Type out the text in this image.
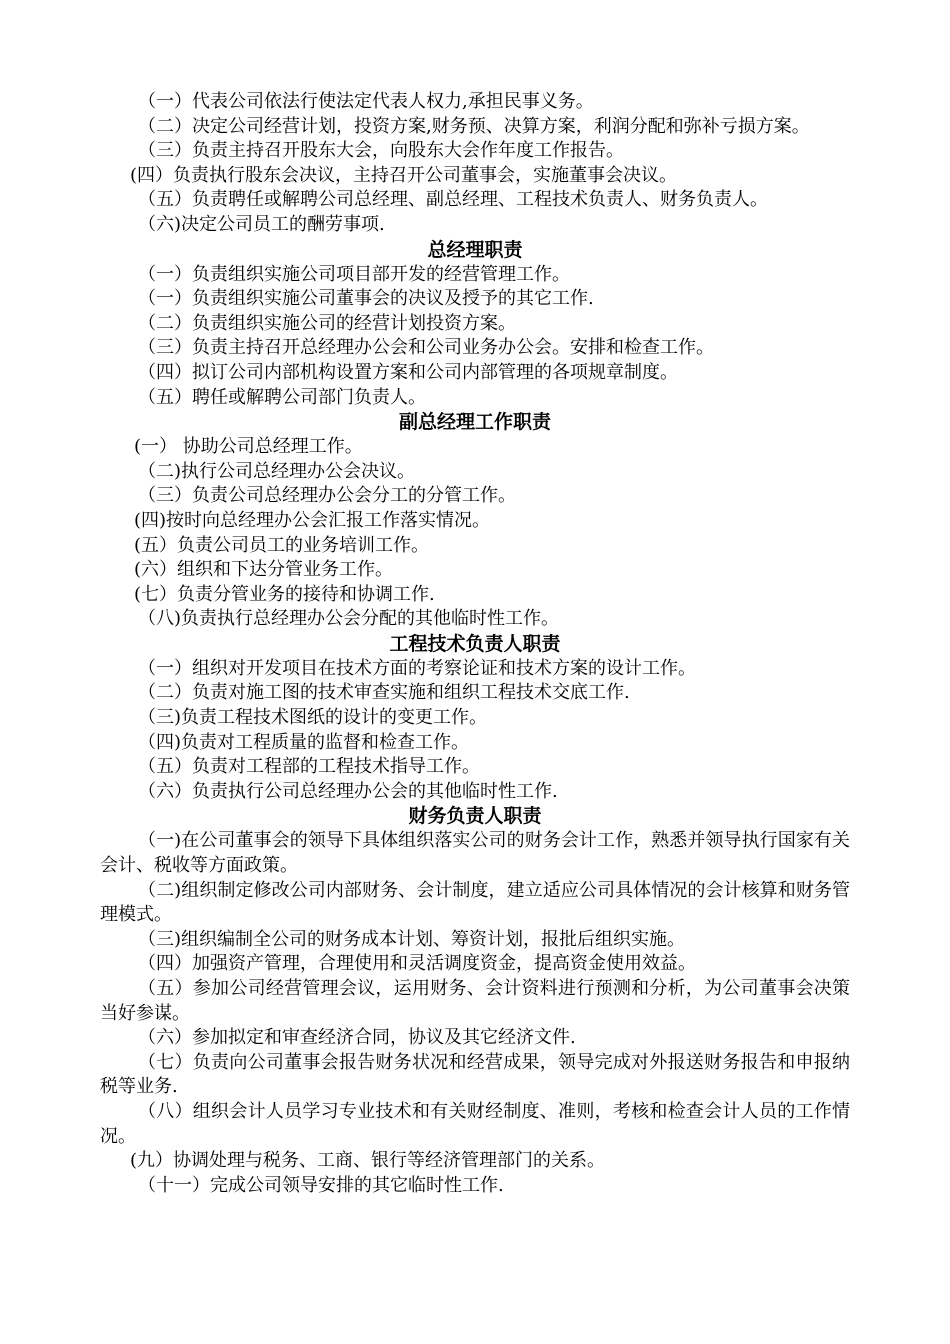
（一）代表公司依法行使法定代表人权力,承担民事义务。

（二）决定公司经营计划，投资方案,财务预、决算方案，利润分配和弥补亏损方案。

（三）负责主持召开股东大会，向股东大会作年度工作报告。

(四）负责执行股东会决议，主持召开公司董事会，实施董事会决议。

（五）负责聘任或解聘公司总经理、副总经理、工程技术负责人、财务负责人。

（六)决定公司员工的酬劳事项.

总经理职责

（一）负责组织实施公司项目部开发的经营管理工作。

（一）负责组织实施公司董事会的决议及授予的其它工作.

（二）负责组织实施公司的经营计划投资方案。

（三）负责主持召开总经理办公会和公司业务办公会。安排和检查工作。

（四）拟订公司内部机构设置方案和公司内部管理的各项规章制度。

（五）聘任或解聘公司部门负责人。

副总经理工作职责

(一） 协助公司总经理工作。

（二)执行公司总经理办公会决议。

（三）负责公司总经理办公会分工的分管工作。

(四)按时向总经理办公会汇报工作落实情况。

(五）负责公司员工的业务培训工作。

(六）组织和下达分管业务工作。

(七）负责分管业务的接待和协调工作.

（八)负责执行总经理办公会分配的其他临时性工作。

工程技术负责人职责

（一）组织对开发项目在技术方面的考察论证和技术方案的设计工作。

（二）负责对施工图的技术审查实施和组织工程技术交底工作.

（三)负责工程技术图纸的设计的变更工作。

（四)负责对工程质量的监督和检查工作。

（五）负责对工程部的工程技术指导工作。

（六）负责执行公司总经理办公会的其他临时性工作.

财务负责人职责

（一)在公司董事会的领导下具体组织落实公司的财务会计工作，熟悉并领导执行国家有关会计、税收等方面政策。

（二)组织制定修改公司内部财务、会计制度，建立适应公司具体情况的会计核算和财务管理模式。

（三)组织编制全公司的财务成本计划、筹资计划，报批后组织实施。

（四）加强资产管理，合理使用和灵活调度资金，提高资金使用效益。

（五）参加公司经营管理会议，运用财务、会计资料进行预测和分析，为公司董事会决策当好参谋。

（六）参加拟定和审查经济合同，协议及其它经济文件.

（七）负责向公司董事会报告财务状况和经营成果，领导完成对外报送财务报告和申报纳税等业务.

（八）组织会计人员学习专业技术和有关财经制度、准则，考核和检查会计人员的工作情况。

(九）协调处理与税务、工商、银行等经济管理部门的关系。

（十一）完成公司领导安排的其它临时性工作.
